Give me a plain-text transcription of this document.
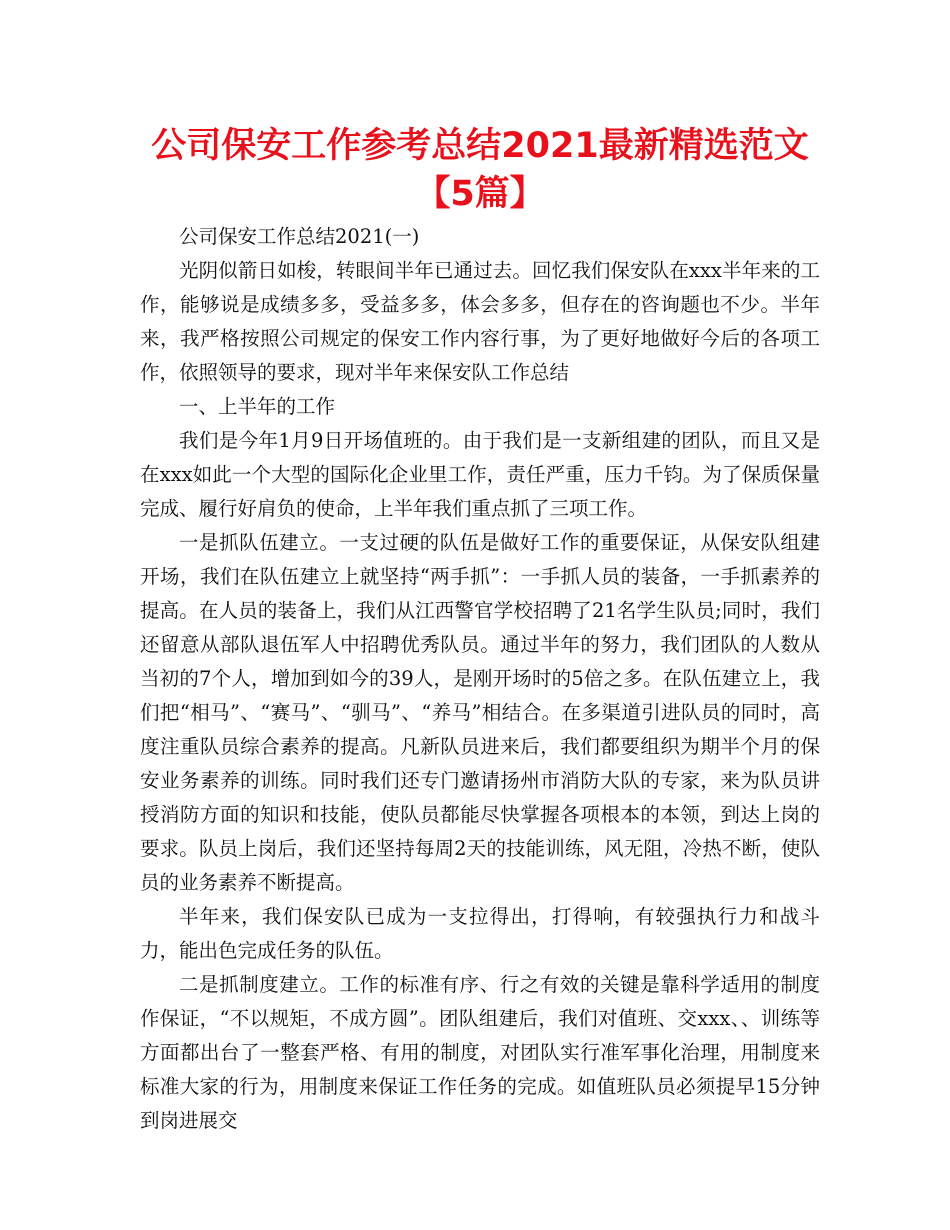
公司保安工作参考总结2021最新精选范文【5篇】

公司保安工作总结2021(一)

光阴似箭日如梭，转眼间半年已通过去。回忆我们保安队在xxx半年来的工作，能够说是成绩多多，受益多多，体会多多，但存在的咨询题也不少。半年来，我严格按照公司规定的保安工作内容行事，为了更好地做好今后的各项工作，依照领导的要求，现对半年来保安队工作总结

一、上半年的工作

我们是今年1月9日开场值班的。由于我们是一支新组建的团队，而且又是在xxx如此一个大型的国际化企业里工作，责任严重，压力千钧。为了保质保量完成、履行好肩负的使命，上半年我们重点抓了三项工作。

一是抓队伍建立。一支过硬的队伍是做好工作的重要保证，从保安队组建开场，我们在队伍建立上就坚持“两手抓”：一手抓人员的装备，一手抓素养的提高。在人员的装备上，我们从江西警官学校招聘了21名学生队员;同时，我们还留意从部队退伍军人中招聘优秀队员。通过半年的努力，我们团队的人数从当初的7个人，增加到如今的39人，是刚开场时的5倍之多。在队伍建立上，我们把“相马”、“赛马”、“驯马”、“养马”相结合。在多渠道引进队员的同时，高度注重队员综合素养的提高。凡新队员进来后，我们都要组织为期半个月的保安业务素养的训练。同时我们还专门邀请扬州市消防大队的专家，来为队员讲授消防方面的知识和技能，使队员都能尽快掌握各项根本的本领，到达上岗的要求。队员上岗后，我们还坚持每周2天的技能训练，风无阻，冷热不断，使队员的业务素养不断提高。

半年来，我们保安队已成为一支拉得出，打得响，有较强执行力和战斗力，能出色完成任务的队伍。

二是抓制度建立。工作的标准有序、行之有效的关键是靠科学适用的制度作保证，“不以规矩，不成方圆”。团队组建后，我们对值班、交xxx、、训练等方面都出台了一整套严格、有用的制度，对团队实行准军事化治理，用制度来标准大家的行为，用制度来保证工作任务的完成。如值班队员必须提早15分钟到岗进展交
